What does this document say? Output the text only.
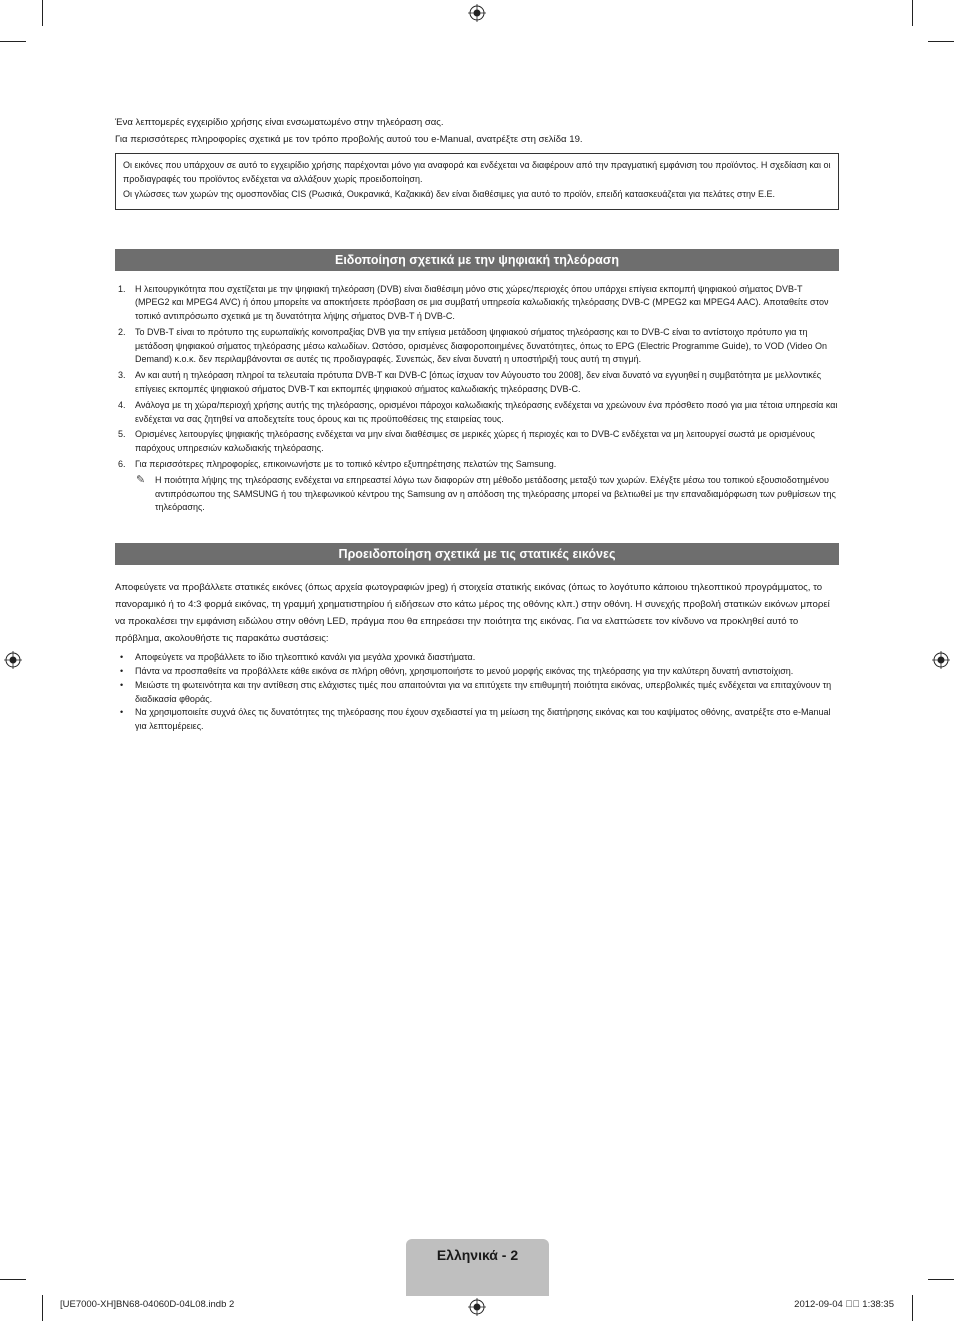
Ένα λεπτομερές εγχειρίδιο χρήσης είναι ενσωματωμένο στην τηλεόραση σας.

Για περισσότερες πληροφορίες σχετικά με τον τρόπο προβολής αυτού του e-Manual, ανατρέξτε στη σελίδα 19.

Οι εικόνες που υπάρχουν σε αυτό το εγχειρίδιο χρήσης παρέχονται μόνο για αναφορά και ενδέχεται να διαφέρουν από την πραγματική εμφάνιση του προϊόντος. Η σχεδίαση και οι προδιαγραφές του προϊόντος ενδέχεται να αλλάξουν χωρίς προειδοποίηση.

Οι γλώσσες των χωρών της ομοσπονδίας CIS (Ρωσικά, Ουκρανικά, Καζακικά) δεν είναι διαθέσιμες για αυτό το προϊόν, επειδή κατασκευάζεται για πελάτες στην Ε.Ε.

Ειδοποίηση σχετικά με την ψηφιακή τηλεόραση
1. Η λειτουργικότητα που σχετίζεται με την ψηφιακή τηλεόραση (DVB) είναι διαθέσιμη μόνο στις χώρες/περιοχές όπου υπάρχει επίγεια εκπομπή ψηφιακού σήματος DVB-T (MPEG2 και MPEG4 AVC) ή όπου μπορείτε να αποκτήσετε πρόσβαση σε μια συμβατή υπηρεσία καλωδιακής τηλεόρασης DVB-C (MPEG2 και MPEG4 AAC). Αποταθείτε στον τοπικό αντιπρόσωπο σχετικά με τη δυνατότητα λήψης σήματος DVB-T ή DVB-C.
2. Το DVB-T είναι το πρότυπο της ευρωπαϊκής κοινοπραξίας DVB για την επίγεια μετάδοση ψηφιακού σήματος τηλεόρασης και το DVB-C είναι το αντίστοιχο πρότυπο για τη μετάδοση ψηφιακού σήματος τηλεόρασης μέσω καλωδίων. Ωστόσο, ορισμένες διαφοροποιημένες δυνατότητες, όπως το EPG (Electric Programme Guide), το VOD (Video On Demand) κ.ο.κ. δεν περιλαμβάνονται σε αυτές τις προδιαγραφές. Συνεπώς, δεν είναι δυνατή η υποστήριξή τους αυτή τη στιγμή.
3. Αν και αυτή η τηλεόραση πληροί τα τελευταία πρότυπα DVB-T και DVB-C [όπως ίσχυαν τον Αύγουστο του 2008], δεν είναι δυνατό να εγγυηθεί η συμβατότητα με μελλοντικές επίγειες εκπομπές ψηφιακού σήματος DVB-T και εκπομπές ψηφιακού σήματος καλωδιακής τηλεόρασης DVB-C.
4. Ανάλογα με τη χώρα/περιοχή χρήσης αυτής της τηλεόρασης, ορισμένοι πάροχοι καλωδιακής τηλεόρασης ενδέχεται να χρεώνουν ένα πρόσθετο ποσό για μια τέτοια υπηρεσία και ενδέχεται να σας ζητηθεί να αποδεχτείτε τους όρους και τις προϋποθέσεις της εταιρείας τους.
5. Ορισμένες λειτουργίες ψηφιακής τηλεόρασης ενδέχεται να μην είναι διαθέσιμες σε μερικές χώρες ή περιοχές και το DVB-C ενδέχεται να μη λειτουργεί σωστά με ορισμένους παρόχους υπηρεσιών καλωδιακής τηλεόρασης.
6. Για περισσότερες πληροφορίες, επικοινωνήστε με το τοπικό κέντρο εξυπηρέτησης πελατών της Samsung.
✎ Η ποιότητα λήψης της τηλεόρασης ενδέχεται να επηρεαστεί λόγω των διαφορών στη μέθοδο μετάδοσης μεταξύ των χωρών. Ελέγξτε μέσω του τοπικού εξουσιοδοτημένου αντιπρόσωπου της SAMSUNG ή του τηλεφωνικού κέντρου της Samsung αν η απόδοση της τηλεόρασης μπορεί να βελτιωθεί με την επαναδιαμόρφωση των ρυθμίσεων της τηλεόρασης.
Προειδοποίηση σχετικά με τις στατικές εικόνες

Αποφεύγετε να προβάλλετε στατικές εικόνες (όπως αρχεία φωτογραφιών jpeg) ή στοιχεία στατικής εικόνας (όπως το λογότυπο κάποιου τηλεοπτικού προγράμματος, το πανοραμικό ή το 4:3 φορμά εικόνας, τη γραμμή χρηματιστηρίου ή ειδήσεων στο κάτω μέρος της οθόνης κλπ.) στην οθόνη. Η συνεχής προβολή στατικών εικόνων μπορεί να προκαλέσει την εμφάνιση ειδώλου στην οθόνη LED, πράγμα που θα επηρεάσει την ποιότητα της εικόνας. Για να ελαττώσετε τον κίνδυνο να προκληθεί αυτό το πρόβλημα, ακολουθήστε τις παρακάτω συστάσεις:

• Αποφεύγετε να προβάλλετε το ίδιο τηλεοπτικό κανάλι για μεγάλα χρονικά διαστήματα.
• Πάντα να προσπαθείτε να προβάλλετε κάθε εικόνα σε πλήρη οθόνη, χρησιμοποιήστε το μενού μορφής εικόνας της τηλεόρασης για την καλύτερη δυνατή αντιστοίχιση.
• Μειώστε τη φωτεινότητα και την αντίθεση στις ελάχιστες τιμές που απαιτούνται για να επιτύχετε την επιθυμητή ποιότητα εικόνας, υπερβολικές τιμές ενδέχεται να επιταχύνουν τη διαδικασία φθοράς.
• Να χρησιμοποιείτε συχνά όλες τις δυνατότητες της τηλεόρασης που έχουν σχεδιαστεί για τη μείωση της διατήρησης εικόνας και του καψίματος οθόνης, ανατρέξτε στο e-Manual για λεπτομέρειες.
Ελληνικά - 2
[UE7000-XH]BN68-04060D-04L08.indb 2	2012-09-04 ￿￿ 1:38:35
